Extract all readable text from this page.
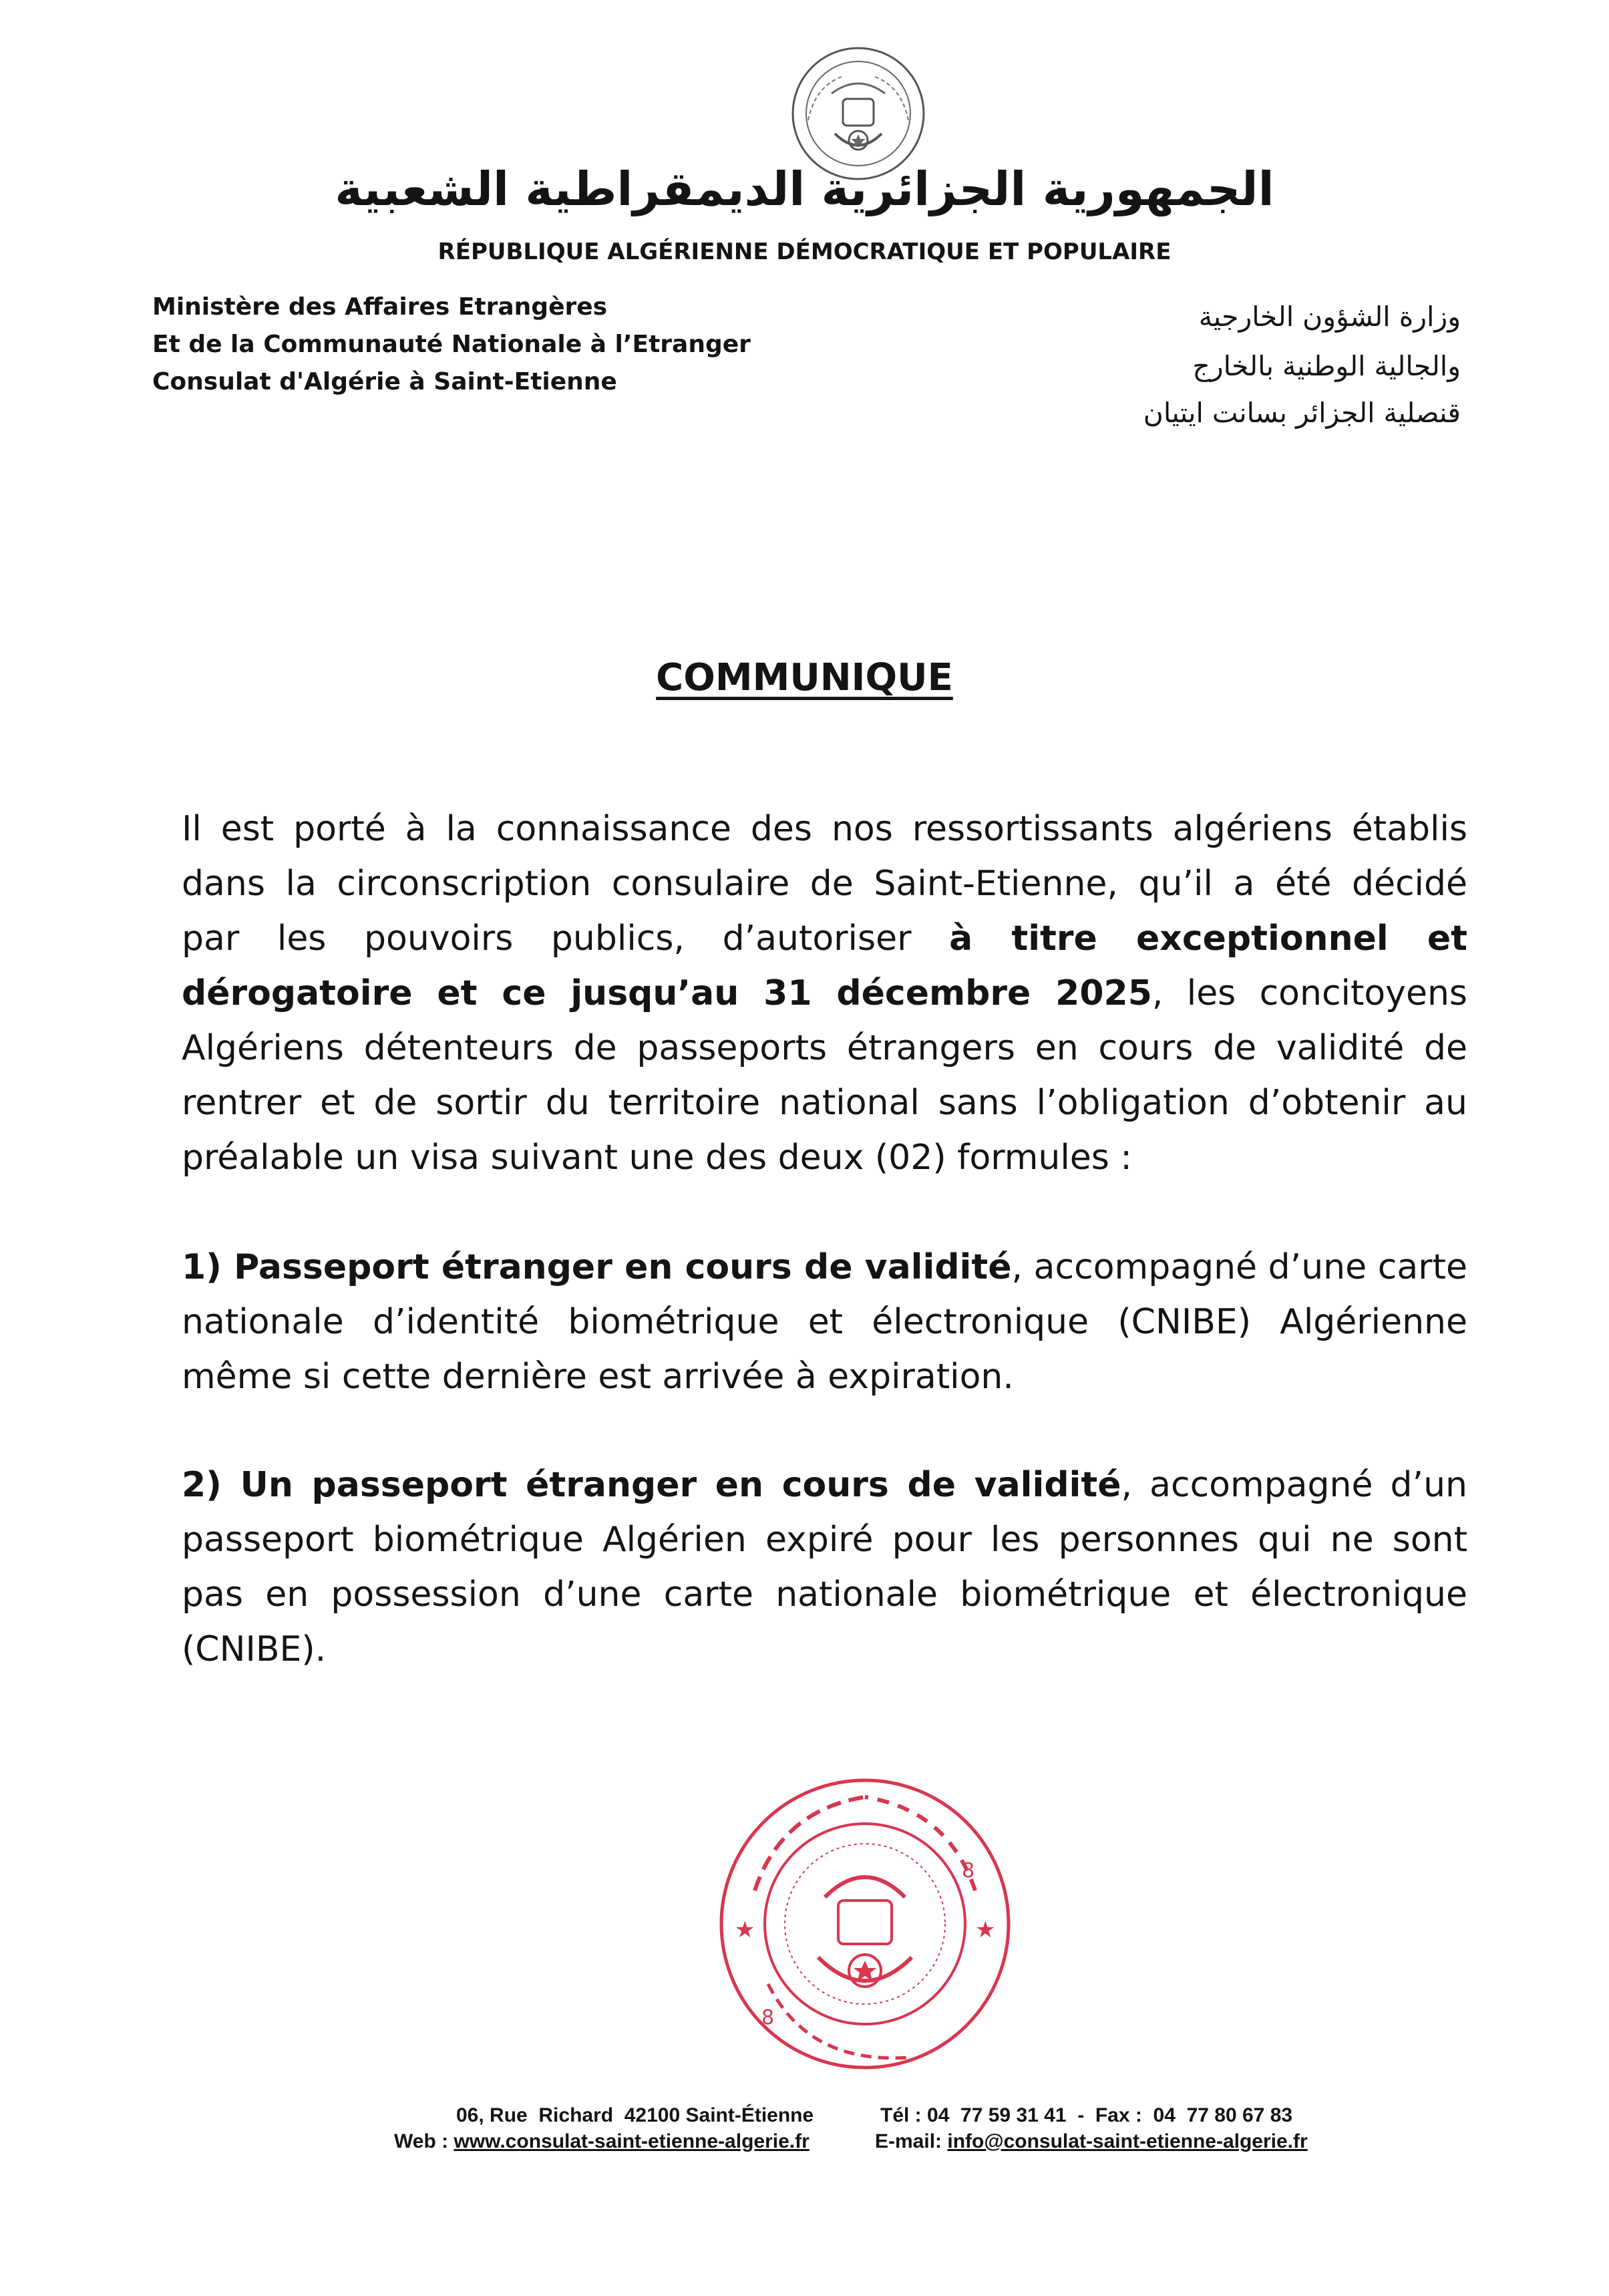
الجمهورية الجزائرية الديمقراطية الشعبية
RÉPUBLIQUE ALGÉRIENNE DÉMOCRATIQUE ET POPULAIRE
Ministère des Affaires Etrangères
Et de la Communauté Nationale à l’Etranger
Consulat d'Algérie à Saint-Etienne
وزارة الشؤون الخارجية
والجالية الوطنية بالخارج
قنصلية الجزائر بسانت ايتيان
COMMUNIQUE
Il est porté à la connaissance des nos ressortissants algériens établis
dans la circonscription consulaire de Saint-Etienne, qu’il a été décidé
par les pouvoirs publics, d’autoriser à titre exceptionnel et
dérogatoire et ce jusqu’au 31 décembre 2025, les concitoyens
Algériens détenteurs de passeports étrangers en cours de validité de
rentrer et de sortir du territoire national sans l’obligation d’obtenir au
préalable un visa suivant une des deux (02) formules :
1) Passeport étranger en cours de validité, accompagné d’une carte
nationale d’identité biométrique et électronique (CNIBE) Algérienne
même si cette dernière est arrivée à expiration.
2) Un passeport étranger en cours de validité, accompagné d’un
passeport biométrique Algérien expiré pour les personnes qui ne sont
pas en possession d’une carte nationale biométrique et électronique
(CNIBE).
★	★
8
8
06, Rue  Richard  42100 Saint-Étienne	Tél : 04  77 59 31 41  -  Fax :  04  77 80 67 83
Web : www.consulat-saint-etienne-algerie.fr	E-mail: info@consulat-saint-etienne-algerie.fr
